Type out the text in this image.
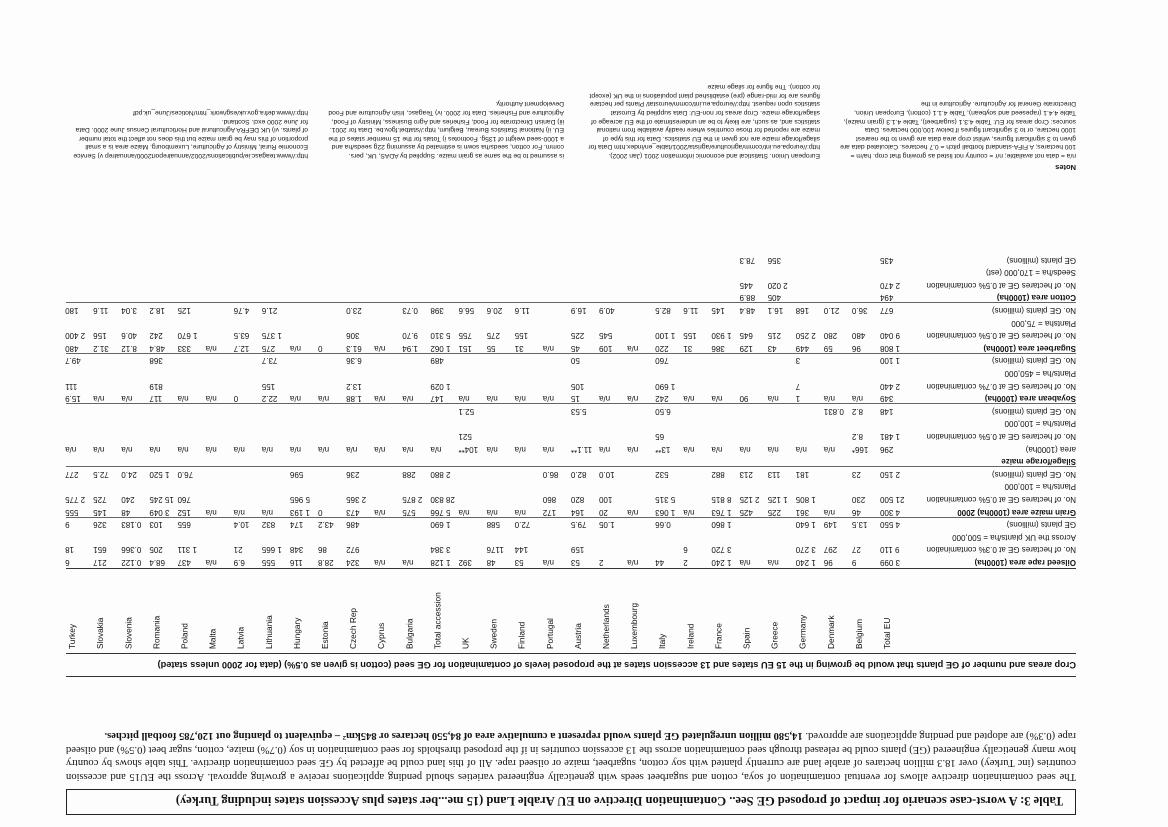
Table 3: A worst-case scenario for impact of proposed GE See.. Contamination Directive on EU Arable Land (15 me...ber states plus Accession states including Turkey)
The seed contamination directive allows for eventual contamination of soya, cotton and sugarbeet seeds with genetically engineered varieties should pending applications receive a growing approval. Across the EU15 and accession countries (inc Turkey) over 18.3 million hectares of arable land are currently planted with soy cotton, sugarbeet, maize or oilseed rape. All of this land could be affected by GE seed contamination directive. This table shows by country how many genetically engineered (GE) plants could be released through seed contamination across the 13 accession countries in if the proposed thresholds for seed contamination in soy (0.7%) maize, cotton, sugar beet (0.5%) and oilseed rape (0.3%) are adopted and pending applications are approved. 14,580 million unregulated GE plants would represent a cumulative area of 84,550 hectares or 845km² – equivalent to planting out 120,785 football pitches.
Crop areas and number of GE plants that would be growing in the 15 EU states and 13 accession states at the proposed levels of contamination for GE seed (cotton is given as 0.5%) (data for 2000 unless stated)
Total EU
Belgium
Denmark
Germany
Greece
Spain
France
Ireland
Italy
Luxembourg
Netherlands
Austria
Portugal
Finland
Sweden
UK
Total accession
Bulgaria
Cyprus
Czech Rep
Estonia
Hungary
Lithuania
Latvia
Malta
Poland
Romania
Slovenia
Slovakia
Turkey
Oilseed rape area (1000ha)
3 099
9
96
1 240
n/a
n/a
1 240
2
44
n/a
2
53
n/a
53
48
392
1 128
n/a
n/a
324
28.8
116
555
6.9
n/a
437
68.4
0.122
217
6
No. of hectares GE at 0.3% contamination
9 110
27
297
3 270
3 720
6
159
144
1176
3 384
972
86
348
1 665
21
1 311
205
0.366
651
18
Across the UK plants/ha = 500,000
GE plants (millions)
4 550
13.5
149
1 640
1 860
0.66
1.05
79.5
72.0
588
1 690
486
43.2
174
832
10.4
655
103
0.183
326
9
Grain maize area (1000ha) 2000
4 300
46
n/a
361
225
425
1 763
n/a
1 063
n/a
20
164
172
n/a
n/a
n/a
5 766
575
n/a
473
0
1 193
n/a
n/a
n/a
152
3 049
48
145
555
No. of hectares GE at 0.5% contamination
21 500
230
1 805
1 125
2 125
8 815
5 315
100
820
860
28 830
2 875
2 365
5 965
760
15 245
240
725
2 775
Plants/ha = 100,000
No. GE plants (millions)
2 150
23
181
113
213
882
532
10.0
82.0
86.0
2 880
288
236
596
76.0
1 520
24.0
72.5
277
Silage/forage maize
area (1000ha)
296
166*
n/a
n/a
n/a
n/a
n/a
n/a
13**
n/a
n/a
11.1**
n/a
n/a
n/a
104**
n/a
n/a
n/a
n/a
n/a
n/a
n/a
n/a
n/a
n/a
n/a
n/a
n/a
n/a
No. of hectares GE at 0.5% contamination
1 481
8.2
65
521
Plants/ha = 100,000
No. GE plants (millions)
148
8.2
0.831
6.50
5.53
52.1
Soyabean area (1000ha)
349
n/a
n/a
1
n/a
90
n/a
n/a
242
n/a
n/a
15
n/a
n/a
n/a
n/a
147
n/a
n/a
1.88
n/a
n/a
22.2
0
n/a
n/a
117
n/a
n/a
15.9
No. of hectares GE at 0.7% contamination
2 440
7
1 690
105
1 029
13.2
155
819
111
Plants/ha = 450,000
No. GE plants (millions)
1 100
3
760
50
489
6.36
73.7
368
49.7
Sugarbeet area (1000ha)
1 808
96
59
449
43
129
386
31
220
n/a
109
45
n/a
31
55
151
1 062
1.94
n/a
61.3
0
n/a
275
12.7
n/a
333
48.4
8.12
31.2
480
No. of hectares GE at 0.5% contamination
9 040
480
280
2 250
215
645
1 930
155
1 100
545
225
155
275
755
5 310
9.70
306
1 375
63.5
1 670
242
40.6
156
2 400
Plantsha = 75,000
No. GE plants (millions)
677
36.0
21.0
168
16.1
48.4
145
11.6
82.5
40.9
16.9
11.6
20.6
56.6
398
0.73
23.0
21.6
4.76
125
18.2
3.04
11.6
180
Cotton area (1000ha)
494
405
88.9
No. of hectares GE at 0.5% contamination
2 470
2 020
445
Seeds/ha = 170,000 (est)
GE plants (millions)
435
356
78.3
Notes

n/a = data not available; n/r = country not listed as growing that crop. ha/m = 100 hectares; A FIFA-standard football pitch = 0.7 hectares. Calculated data are given to 3 significant figures, whilst crop area data are given to the nearest 1000 hectare, or to 3 significant figures if below 100,000 hectares. Data sources: Crop areas for EU: Table 4.3.1 (sugarbeet), Table 4.1.3 (grain maize), Table 4.4.1 (rapeseed and soybean), Table 4.1.1 (cotton), European Union, Directorate General for Agriculture. Agriculture in the

European Union. Statistical and economic information 2001 (Jan 2002). http://europa.eu.int/comm/agriculture/agrista/2001/table_en/index.htm Data for silage/forage maize are not given in the EU statistics. Data for this type of maize are reported for those countries where readily available from national statistics and, as such, are likely to be an underestimate of the EU acreage of silage/forage maize. Crop areas for non-EU: Data supplied by Eurostat statistics upon request. http://europa.eu.int/comm/eurostat/ Plants per hectare figures are for mid-range (pre) established plant populations in the UK (except for cotton). The figure for silage maize

is assumed to be the same as grain maize. Supplied by ADAS, UK, pers. comm. For cotton, seeds/ha sown is estimated by assuming 22g seeds/ha and a 1000-seed weight of 135g. Footnotes i) Totals for the 15 member states of the EU. ii) National Statistics Bureau, Belgium, http://statbel.fgov.be. Data for 2001. iii) Danish Directorate for Food, Fisheries and Agro Business, Ministry of Food, Agriculture and Fisheries. Data for 2000. iv) Teagasc, Irish Agriculture and Food Development Authority.

http://www.teagasc.ie/publications/2002/annualreport2000/annualrep v) Service Economie Rural, Ministry of Agriculture, Luxembourg. Maize area is a small proportion of this may be grain maize but this does not affect the total number of plants. vi) UK DEFRA Agricultural and Horticultural Census June 2000. Data for June 2000 excl. Scotland. http://www.defra.gov.uk/esg/work_htm/Notices/June_uk.pdf
